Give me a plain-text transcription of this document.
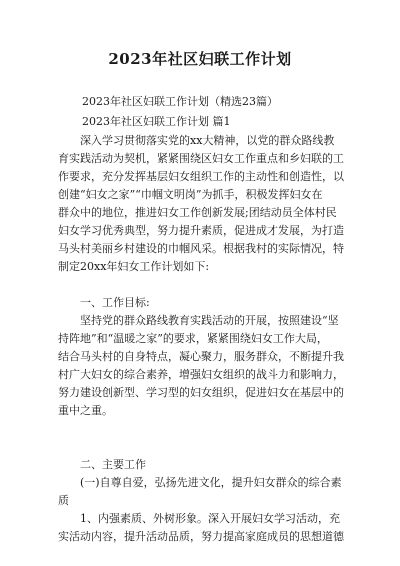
2023年社区妇联工作计划

2023年社区妇联工作计划（精选23篇）

2023年社区妇联工作计划 篇1

深入学习贯彻落实党的xx大精神，以党的群众路线教
育实践活动为契机，紧紧围绕区妇女工作重点和乡妇联的工
作要求，充分发挥基层妇女组织工作的主动性和创造性，以
创建“妇女之家”“巾帼文明岗”为抓手，积极发挥妇女在
群众中的地位，推进妇女工作创新发展;团结动员全体村民
妇女学习优秀典型，努力提升素质，促进成才发展，为打造
马头村美丽乡村建设的巾帼风采。根据我村的实际情况，特
制定20xx年妇女工作计划如下:
一、工作目标:
坚持党的群众路线教育实践活动的开展，按照建设“坚
持阵地”和“温暖之家”的要求，紧紧围绕妇女工作大局，
结合马头村的自身特点，凝心聚力，服务群众，不断提升我
村广大妇女的综合素养，增强妇女组织的战斗力和影响力，
努力建设创新型、学习型的妇女组织，促进妇女在基层中的
重中之重。
二、主要工作
(一)自尊自爱，弘扬先进文化，提升妇女群众的综合素
质
1、内强素质、外树形象。深入开展妇女学习活动，充
实活动内容，提升活动品质，努力提高家庭成员的思想道德
